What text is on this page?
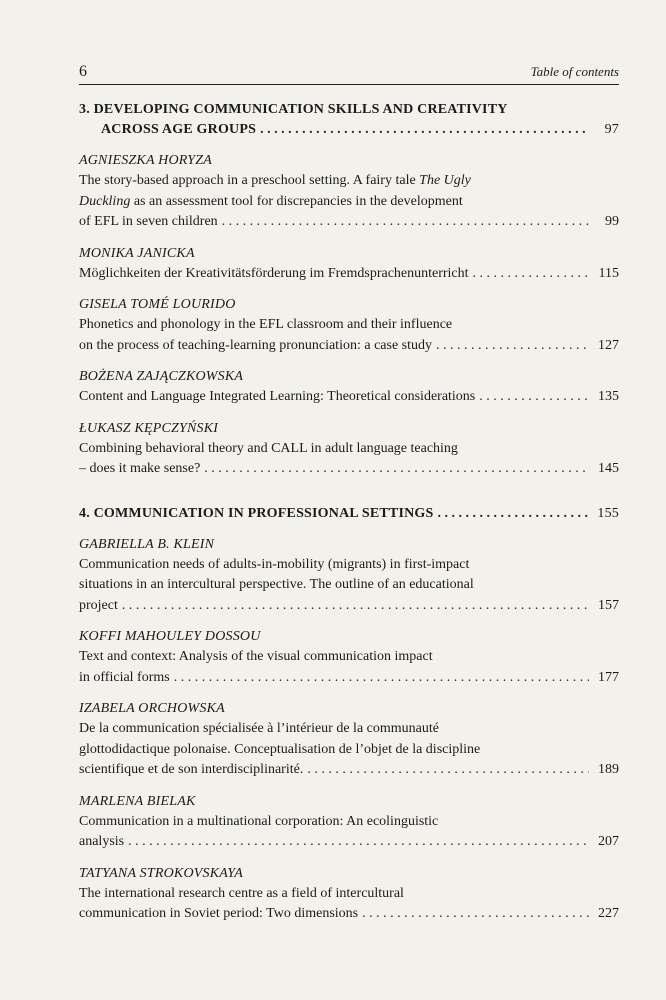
6	Table of contents
3. DEVELOPING COMMUNICATION SKILLS AND CREATIVITY
ACROSS AGE GROUPS . . .	97
AGNIESZKA HORYZA
The story-based approach in a preschool setting. A fairy tale The Ugly
Duckling as an assessment tool for discrepancies in the development
of EFL in seven children . . .	99
MONIKA JANICKA
Möglichkeiten der Kreativitätsförderung im Fremdsprachenunterricht . . .	115
GISELA TOMÉ LOURIDO
Phonetics and phonology in the EFL classroom and their influence
on the process of teaching-learning pronunciation: a case study . . .	127
BOŻENA ZAJĄCZKOWSKA
Content and Language Integrated Learning: Theoretical considerations . . .	135
ŁUKASZ KĘPCZYŃSKI
Combining behavioral theory and CALL in adult language teaching
– does it make sense? . . .	145
4. COMMUNICATION IN PROFESSIONAL SETTINGS . . .	155
GABRIELLA B. KLEIN
Communication needs of adults-in-mobility (migrants) in first-impact
situations in an intercultural perspective. The outline of an educational
project . . .	157
KOFFI MAHOULEY DOSSOU
Text and context: Analysis of the visual communication impact
in official forms . . .	177
IZABELA ORCHOWSKA
De la communication spécialisée à l’intérieur de la communauté
glottodidactique polonaise. Conceptualisation de l’objet de la discipline
scientifique et de son interdisciplinarité. . . .	189
MARLENA BIELAK
Communication in a multinational corporation: An ecolinguistic
analysis . . .	207
TATYANA STROKOVSKAYA
The international research centre as a field of intercultural
communication in Soviet period: Two dimensions . . .	227
